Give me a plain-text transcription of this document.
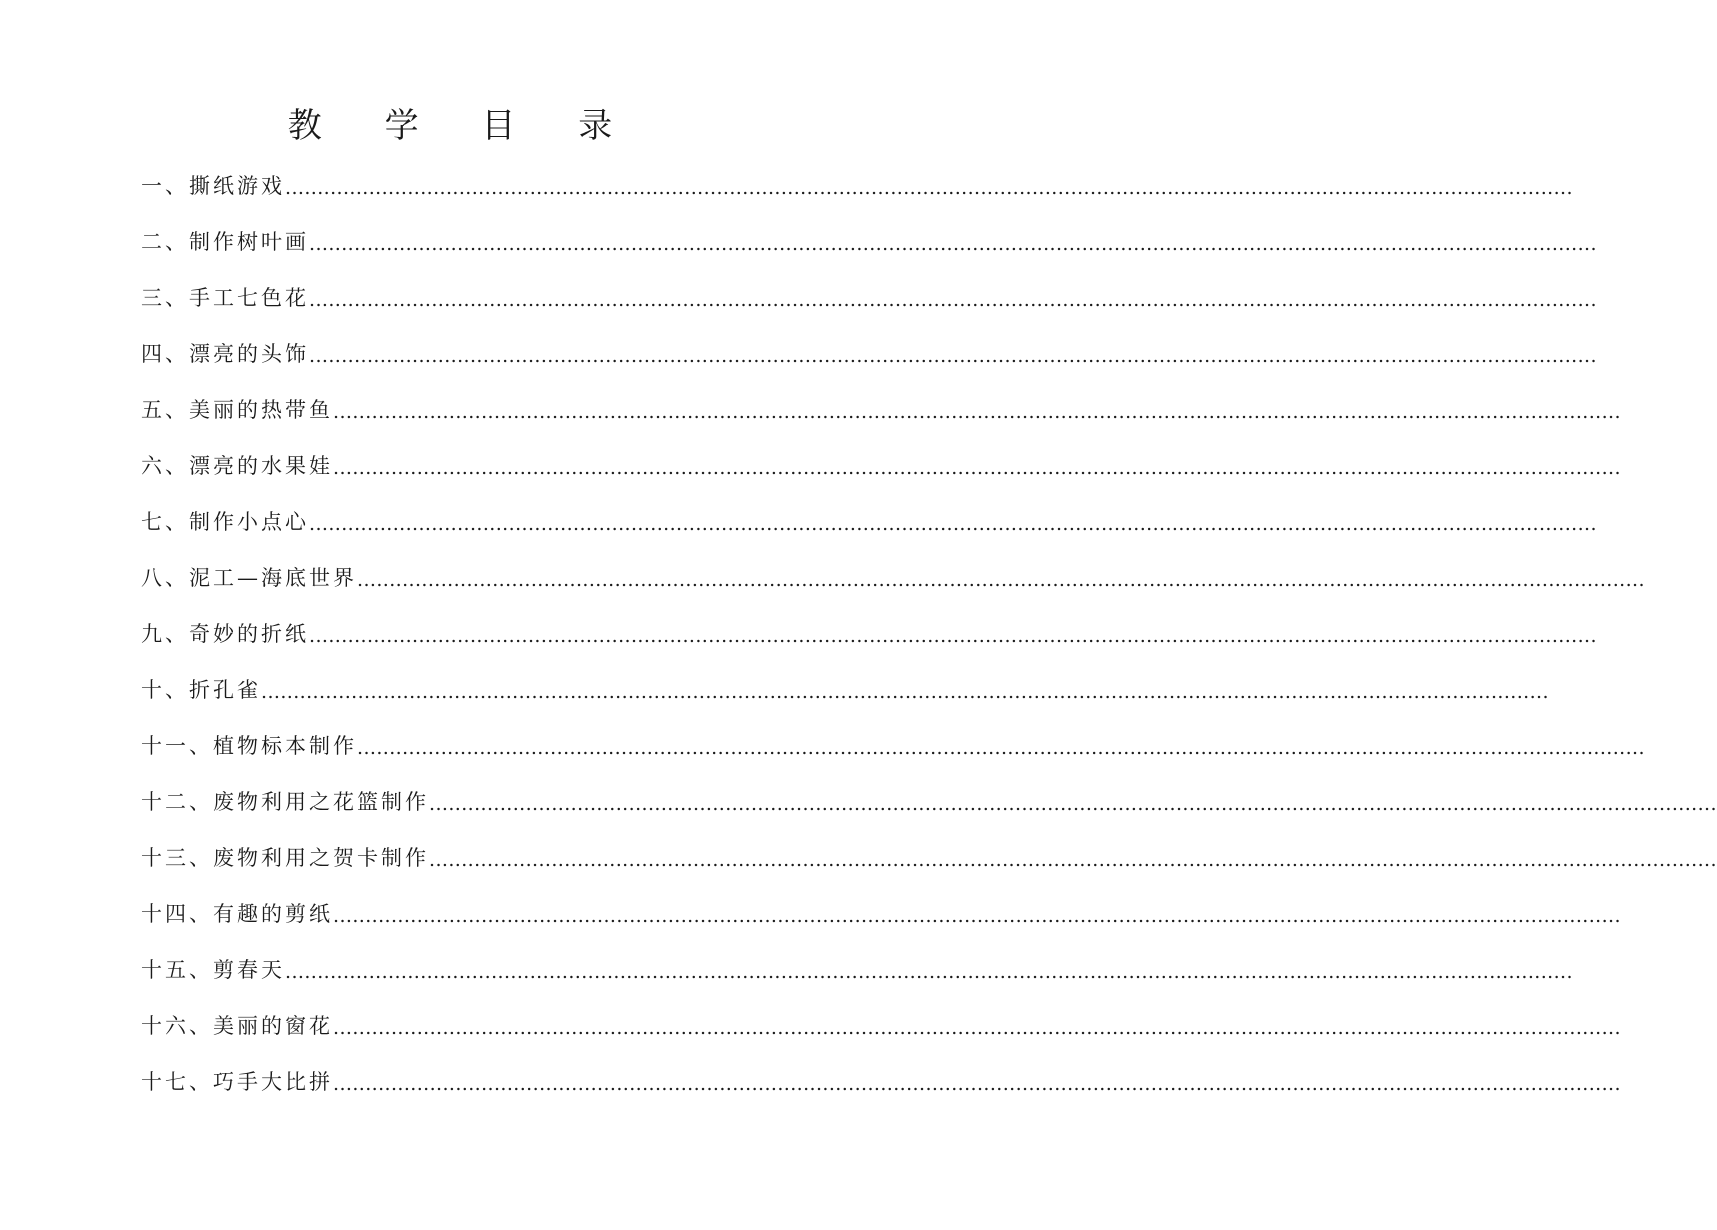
教 学 目 录
一、撕纸游戏 ........................................................................................................................................................................................................
二、制作树叶画 ........................................................................................................................................................................................................
三、手工七色花 ........................................................................................................................................................................................................
四、漂亮的头饰 ........................................................................................................................................................................................................
五、美丽的热带鱼 ........................................................................................................................................................................................................
六、漂亮的水果娃 ........................................................................................................................................................................................................
七、制作小点心 ........................................................................................................................................................................................................
八、泥工—海底世界 ........................................................................................................................................................................................................
九、奇妙的折纸 ........................................................................................................................................................................................................
十、折孔雀 ........................................................................................................................................................................................................
十一、植物标本制作 ........................................................................................................................................................................................................
十二、废物利用之花篮制作 ........................................................................................................................................................................................................
十三、废物利用之贺卡制作 ........................................................................................................................................................................................................
十四、有趣的剪纸 ........................................................................................................................................................................................................
十五、剪春天 ........................................................................................................................................................................................................
十六、美丽的窗花 ........................................................................................................................................................................................................
十七、巧手大比拼 ........................................................................................................................................................................................................
